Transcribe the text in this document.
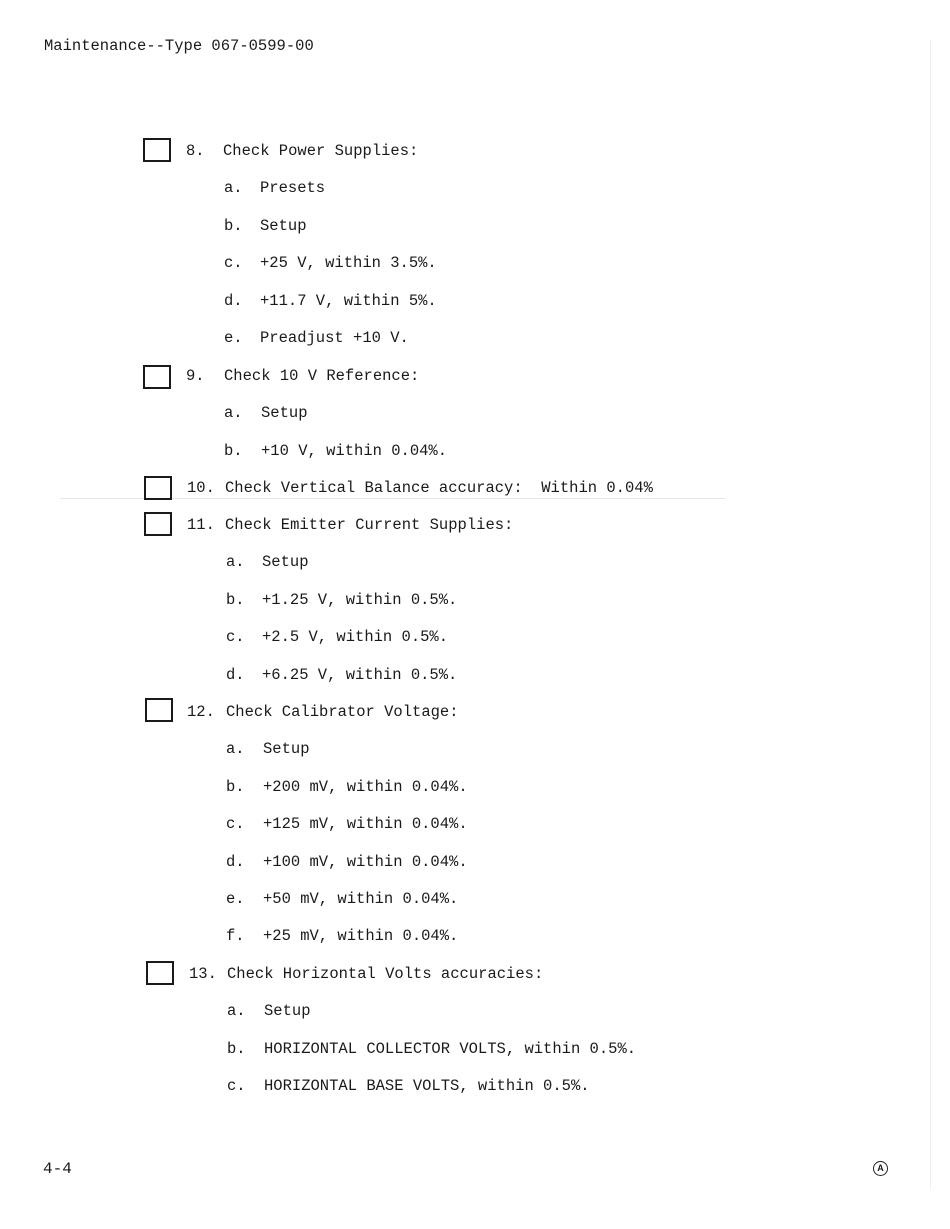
Maintenance--Type 067-0599-00
8. Check Power Supplies:
a. Presets
b. Setup
c. +25 V, within 3.5%.
d. +11.7 V, within 5%.
e. Preadjust +10 V.
9. Check 10 V Reference:
a. Setup
b. +10 V, within 0.04%.
10. Check Vertical Balance accuracy:  Within 0.04%
11. Check Emitter Current Supplies:
a. Setup
b. +1.25 V, within 0.5%.
c. +2.5 V, within 0.5%.
d. +6.25 V, within 0.5%.
12. Check Calibrator Voltage:
a. Setup
b. +200 mV, within 0.04%.
c. +125 mV, within 0.04%.
d. +100 mV, within 0.04%.
e. +50 mV, within 0.04%.
f. +25 mV, within 0.04%.
13. Check Horizontal Volts accuracies:
a. Setup
b. HORIZONTAL COLLECTOR VOLTS, within 0.5%.
c. HORIZONTAL BASE VOLTS, within 0.5%.
4-4	A
